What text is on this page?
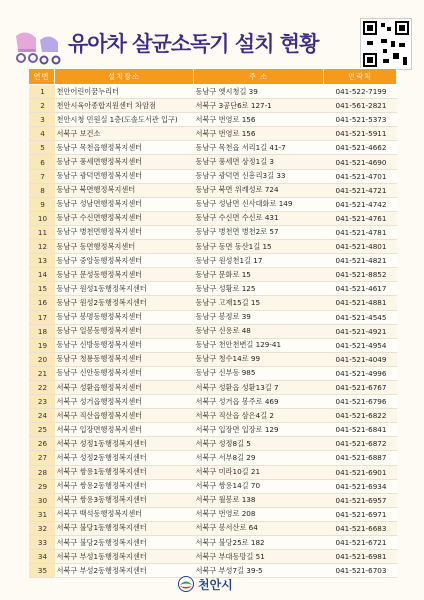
유아차 살균소독기 설치 현황
연번	설치장소	주 소	연락처
1	천안어린이꿈누리터	동남구 옛시청길 39	041-522-7199
2	천안시육아종합지원센터 차암점	서북구 3공단6로 127-1	041-561-2821
3	천안시청 민원실 1층(도솔도서관 입구)	서북구 번영로 156	041-521-5373
4	서북구 보건소	서북구 번영로 156	041-521-5911
5	동남구 목천읍행정복지센터	동남구 목천읍 서리1길 41-7	041-521-4662
6	동남구 풍세면행정복지센터	동남구 풍세면 상정1길 3	041-521-4690
7	동남구 광덕면행정복지센터	동남구 광덕면 신흥리3길 33	041-521-4701
8	동남구 북면행정복지센터	동남구 북면 위례성로 724	041-521-4721
9	동남구 성남면행정복지센터	동남구 성남면 신사대화로 149	041-521-4742
10	동남구 수신면행정복지센터	동남구 수신면 수신로 431	041-521-4761
11	동남구 병천면행정복지센터	동남구 병천면 병천2로 57	041-521-4781
12	동남구 동면행정복지센터	동남구 동면 동산1길 15	041-521-4801
13	동남구 중앙동행정복지센터	동남구 원성천1길 17	041-521-4821
14	동남구 문성동행정복지센터	동남구 문화로 15	041-521-8852
15	동남구 원성1동행정복지센터	동남구 성황로 125	041-521-4617
16	동남구 원성2동행정복지센터	동남구 고재15길 15	041-521-4881
17	동남구 봉명동행정복지센터	동남구 봉정로 39	041-521-4545
18	동남구 일봉동행정복지센터	동남구 신용로 48	041-521-4921
19	동남구 신방동행정복지센터	동남구 천안천변길 129-41	041-521-4954
20	동남구 청룡동행정복지센터	동남구 청수14로 99	041-521-4049
21	동남구 신안동행정복지센터	동남구 신부동 985	041-521-4996
22	서북구 성환읍행정복지센터	서북구 성환읍 성환13길 7	041-521-6767
23	서북구 성거읍행정복지센터	서북구 성거읍 봉주로 469	041-521-6796
24	서북구 직산읍행정복지센터	서북구 직산읍 삼은4길 2	041-521-6822
25	서북구 입장면행정복지센터	서북구 입장면 입장로 129	041-521-6841
26	서북구 성정1동행정복지센터	서북구 성정8길 5	041-521-6872
27	서북구 성정2동행정복지센터	서북구 서부8길 29	041-521-6887
28	서북구 쌍용1동행정복지센터	서북구 미라10길 21	041-521-6901
29	서북구 쌍용2동행정복지센터	서북구 쌍용14길 70	041-521-6934
30	서북구 쌍용3동행정복지센터	서북구 월봉로 138	041-521-6957
31	서북구 백석동행정복지센터	서북구 번영로 208	041-521-6971
32	서북구 불당1동행정복지센터	서북구 봉서산로 64	041-521-6683
33	서북구 불당2동행정복지센터	서북구 불당25로 182	041-521-6721
34	서북구 부성1동행정복지센터	서북구 부대동망길 51	041-521-6981
35	서북구 부성2동행정복지센터	서북구 부성7길 39-5	041-521-6703
천안시
